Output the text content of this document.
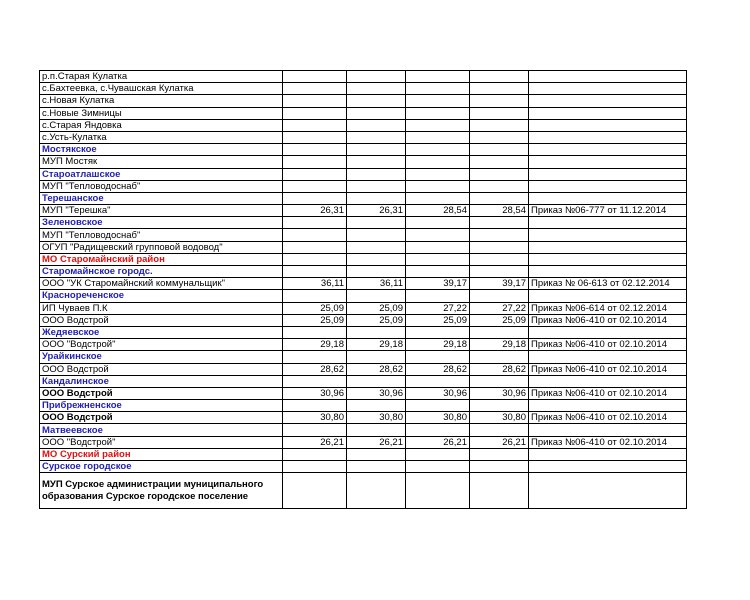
р.п.Старая Кулатка					
с.Бахтеевка, с.Чувашская Кулатка					
с.Новая Кулатка					
с.Новые Зимницы					
с.Старая Яндовка					
с.Усть-Кулатка					
Мостякское					
МУП Мостяк					
Староатлашское					
МУП "Тепловодоснаб"					
Терешанское					
МУП "Терешка"	26,31	26,31	28,54	28,54	Приказ №06-777 от 11.12.2014
Зеленовское					
МУП "Тепловодоснаб"					
ОГУП "Радищевский групповой водовод"					
МО Старомайнский район					
Старомайнское городс.					
ООО "УК Старомайнский коммунальщик"	36,11	36,11	39,17	39,17	Приказ № 06-613 от 02.12.2014
Краснореченское					
ИП Чуваев П.К	25,09	25,09	27,22	27,22	Приказ №06-614 от 02.12.2014
ООО Водстрой	25,09	25,09	25,09	25,09	Приказ №06-410 от 02.10.2014
Жедяевское					
ООО "Водстрой"	29,18	29,18	29,18	29,18	Приказ №06-410 от 02.10.2014
Урайкинское					
ООО Водстрой	28,62	28,62	28,62	28,62	Приказ №06-410 от 02.10.2014
Кандалинское					
ООО Водстрой	30,96	30,96	30,96	30,96	Приказ №06-410 от 02.10.2014
Прибрежненское					
ООО Водстрой	30,80	30,80	30,80	30,80	Приказ №06-410 от 02.10.2014
Матвеевское					
ООО "Водстрой"	26,21	26,21	26,21	26,21	Приказ №06-410 от 02.10.2014
МО Сурский район					
Сурское городское					
МУП Сурское администрации муниципального образования Сурское городское поселение					
